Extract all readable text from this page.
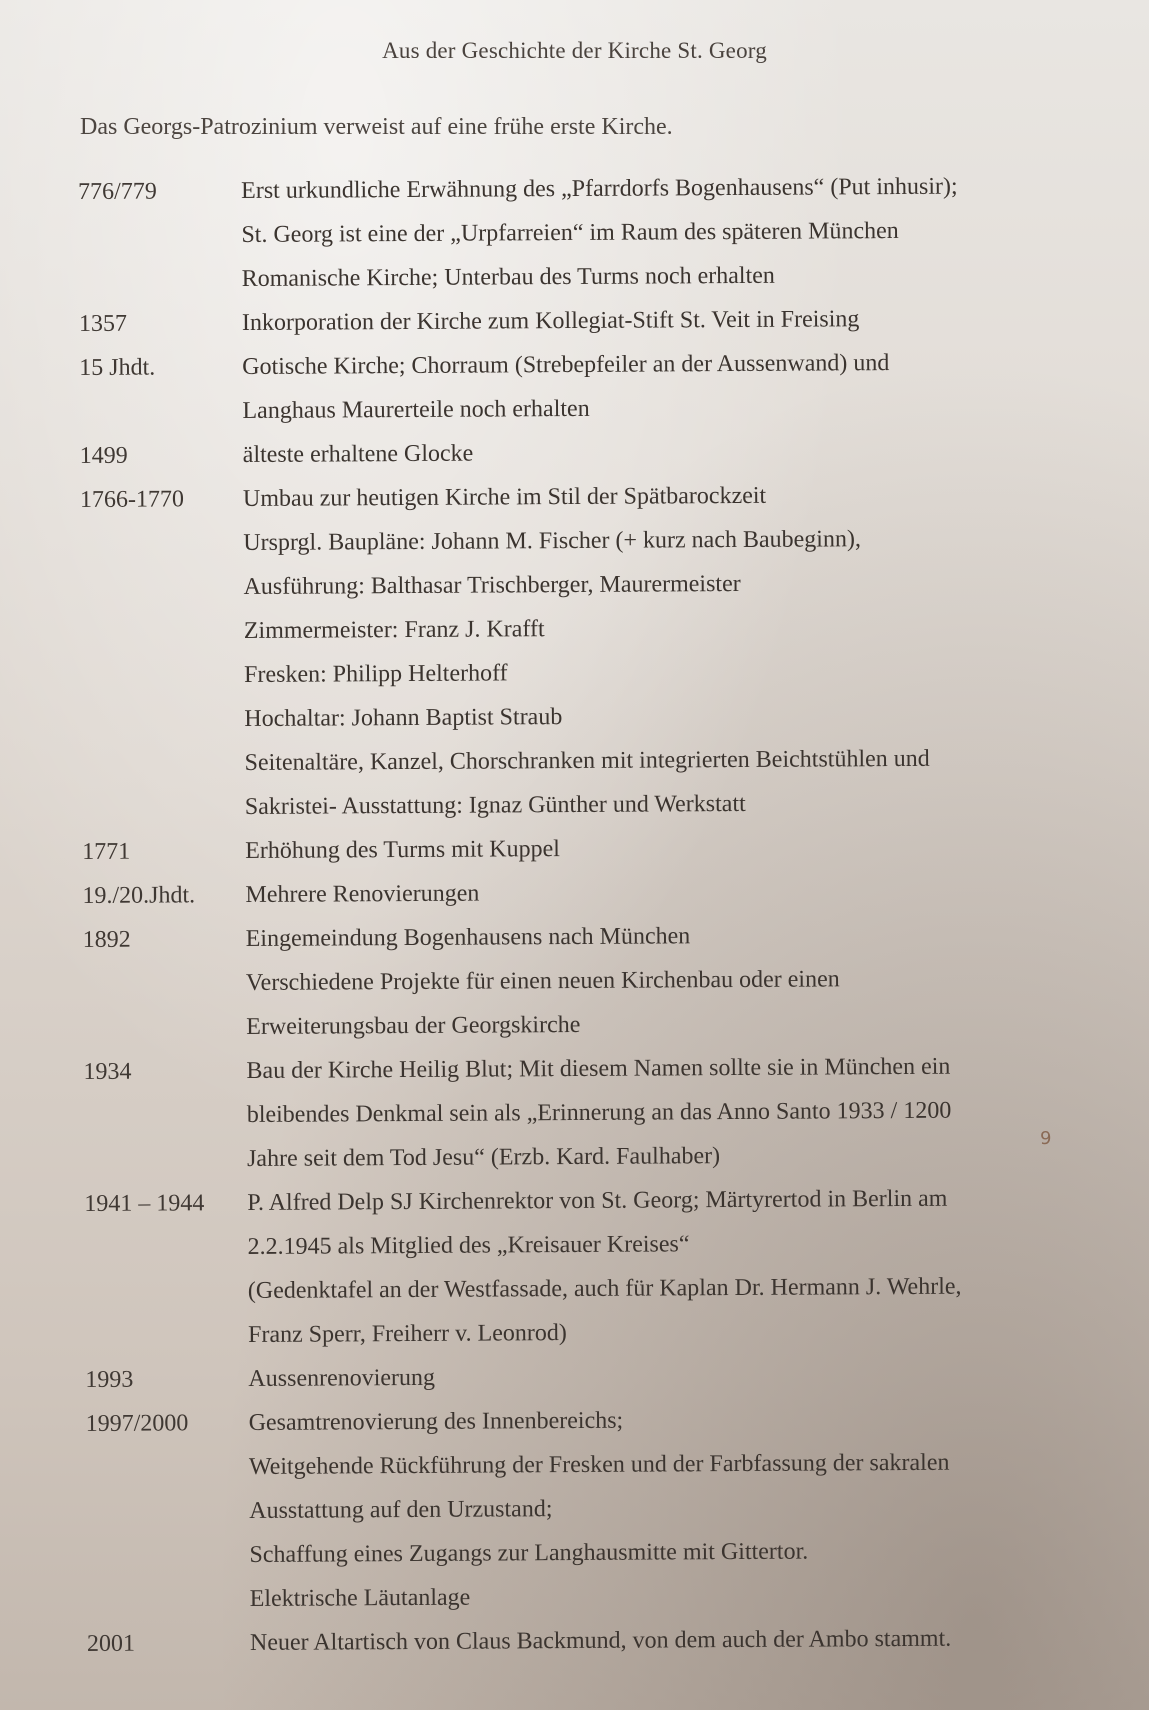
Aus der Geschichte der Kirche St. Georg
Das Georgs-Patrozinium verweist auf eine frühe erste Kirche.
776/779	Erst urkundliche Erwähnung des „Pfarrdorfs Bogenhausens“ (Put inhusir);
St. Georg ist eine der „Urpfarreien“ im Raum des späteren München
Romanische Kirche; Unterbau des Turms noch erhalten
1357	Inkorporation der Kirche zum Kollegiat-Stift St. Veit in Freising
15 Jhdt.	Gotische Kirche; Chorraum (Strebepfeiler an der Aussenwand) und
Langhaus Maurerteile noch erhalten
1499	älteste erhaltene Glocke
1766-1770	Umbau zur heutigen Kirche im Stil der Spätbarockzeit
Ursprgl. Baupläne: Johann M. Fischer (+ kurz nach Baubeginn),
Ausführung: Balthasar Trischberger, Maurermeister
Zimmermeister: Franz J. Krafft
Fresken: Philipp Helterhoff
Hochaltar: Johann Baptist Straub
Seitenaltäre, Kanzel, Chorschranken mit integrierten Beichtstühlen und
Sakristei- Ausstattung: Ignaz Günther und Werkstatt
1771	Erhöhung des Turms mit Kuppel
19./20.Jhdt.	Mehrere Renovierungen
1892	Eingemeindung Bogenhausens nach München
Verschiedene Projekte für einen neuen Kirchenbau oder einen
Erweiterungsbau der Georgskirche
1934	Bau der Kirche Heilig Blut; Mit diesem Namen sollte sie in München ein
bleibendes Denkmal sein als „Erinnerung an das Anno Santo 1933 / 1200
Jahre seit dem Tod Jesu“ (Erzb. Kard. Faulhaber)
1941 – 1944	P. Alfred Delp SJ Kirchenrektor von St. Georg; Märtyrertod in Berlin am
2.2.1945 als Mitglied des „Kreisauer Kreises“
(Gedenktafel an der Westfassade, auch für Kaplan Dr. Hermann J. Wehrle,
Franz Sperr, Freiherr v. Leonrod)
1993	Aussenrenovierung
1997/2000	Gesamtrenovierung des Innenbereichs;
Weitgehende Rückführung der Fresken und der Farbfassung der sakralen
Ausstattung auf den Urzustand;
Schaffung eines Zugangs zur Langhausmitte mit Gittertor.
Elektrische Läutanlage
2001	Neuer Altartisch von Claus Backmund, von dem auch der Ambo stammt.
9
